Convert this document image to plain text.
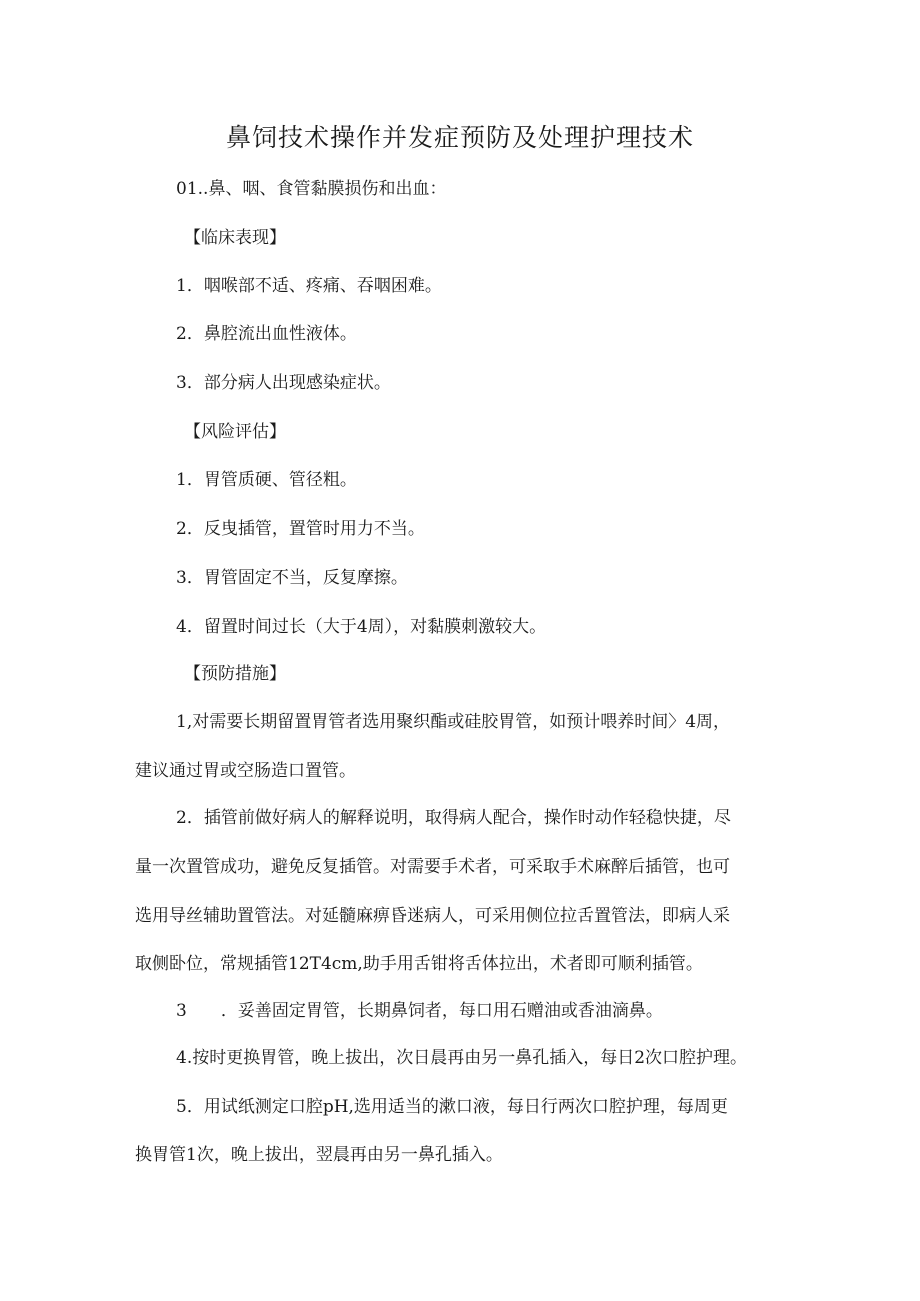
鼻饲技术操作并发症预防及处理护理技术

01..鼻、咽、食管黏膜损伤和出血：

【临床表现】

1．咽喉部不适、疼痛、吞咽困难。

2．鼻腔流出血性液体。

3．部分病人出现感染症状。

【风险评估】

1．胃管质硬、管径粗。

2．反曳插管，置管时用力不当。

3．胃管固定不当，反复摩擦。

4．留置时间过长（大于4周），对黏膜刺激较大。

【预防措施】

1,对需要长期留置胃管者选用聚织酯或硅胶胃管，如预计喂养时间〉4周，

建议通过胃或空肠造口置管。

2．插管前做好病人的解释说明，取得病人配合，操作时动作轻稳快捷，尽

量一次置管成功，避免反复插管。对需要手术者，可采取手术麻醉后插管，也可

选用导丝辅助置管法。对延髓麻痹昏迷病人，可采用侧位拉舌置管法，即病人采

取侧卧位，常规插管12T4cm,助手用舌钳将舌体拉出，术者即可顺利插管。

3　　．妥善固定胃管，长期鼻饲者，每口用石赠油或香油滴鼻。

4.按时更换胃管，晚上拔出，次日晨再由另一鼻孔插入，每日2次口腔护理。

5．用试纸测定口腔pH,选用适当的漱口液，每日行两次口腔护理，每周更

换胃管1次，晚上拔出，翌晨再由另一鼻孔插入。
